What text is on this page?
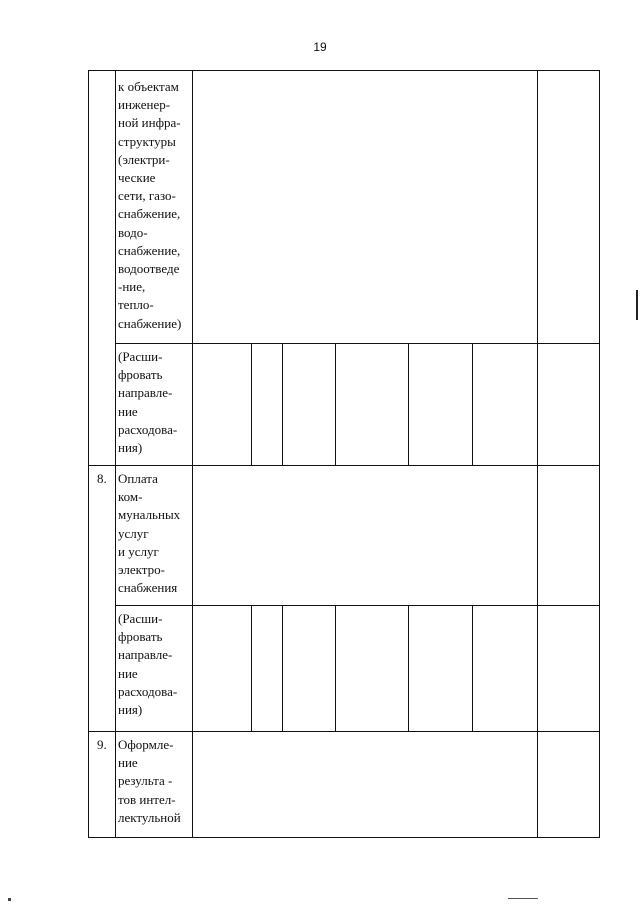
19
к объектам
инженер-
ной инфра-
структуры
(электри-
ческие
сети, газо-
снабжение,
водо-
снабжение,
водоотведе
-ние,
тепло-
снабжение)
(Расши-
фровать
направле-
ние
расходова-
ния)
8. Оплата
ком-
мунальных
услуг
и услуг
электро-
снабжения
(Расши-
фровать
направле-
ние
расходова-
ния)
9. Оформле-
ние
результа -
тов интел-
лектульной
